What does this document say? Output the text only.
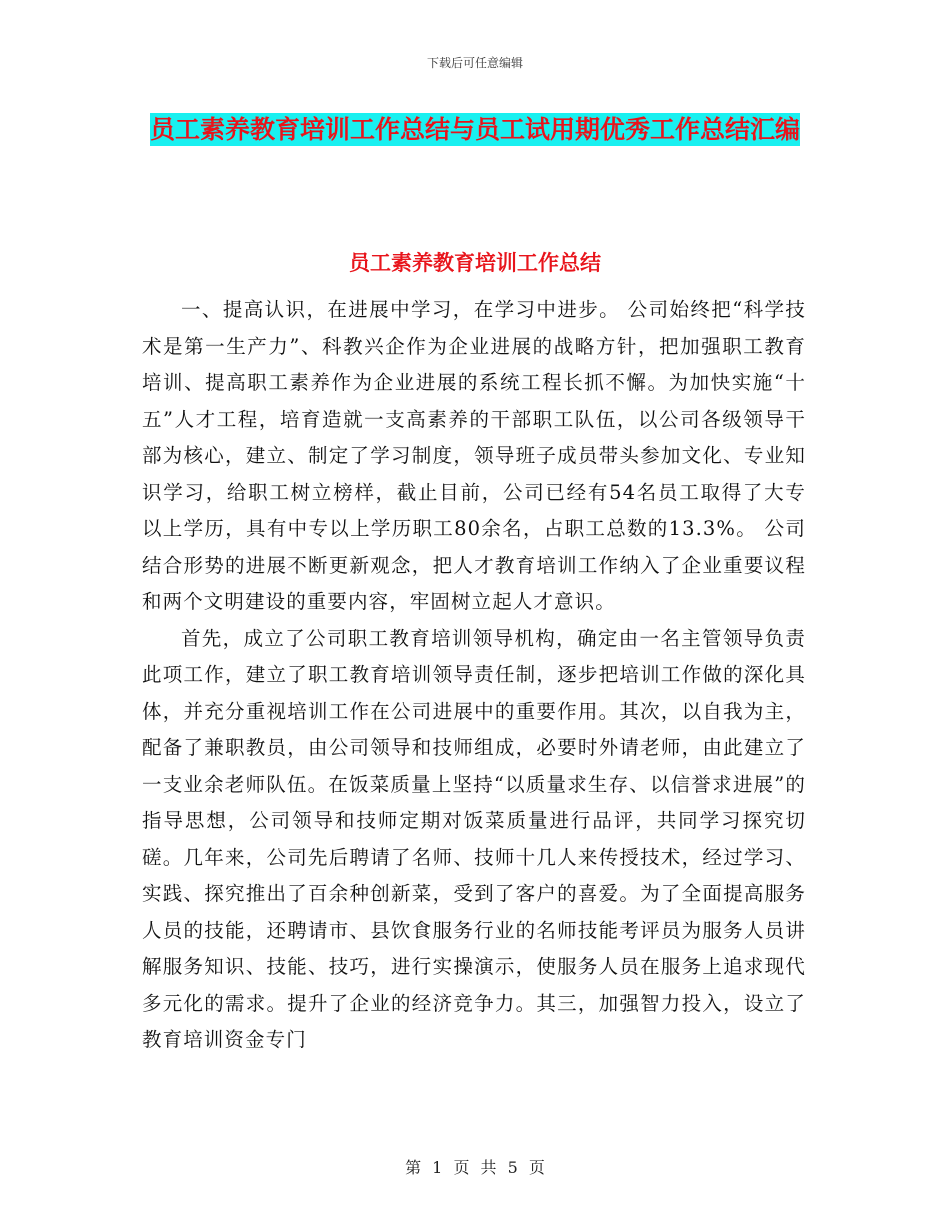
下载后可任意编辑
员工素养教育培训工作总结与员工试用期优秀工作总结汇编
员工素养教育培训工作总结

一、提高认识，在进展中学习，在学习中进步。 公司始终把“科学技术是第一生产力”、科教兴企作为企业进展的战略方针，把加强职工教育培训、提高职工素养作为企业进展的系统工程长抓不懈。为加快实施“十五”人才工程，培育造就一支高素养的干部职工队伍，以公司各级领导干部为核心，建立、制定了学习制度，领导班子成员带头参加文化、专业知识学习，给职工树立榜样，截止目前，公司已经有54名员工取得了大专以上学历，具有中专以上学历职工80余名，占职工总数的13.3%。 公司结合形势的进展不断更新观念，把人才教育培训工作纳入了企业重要议程和两个文明建设的重要内容，牢固树立起人才意识。

首先，成立了公司职工教育培训领导机构，确定由一名主管领导负责此项工作，建立了职工教育培训领导责任制，逐步把培训工作做的深化具体，并充分重视培训工作在公司进展中的重要作用。其次，以自我为主，配备了兼职教员，由公司领导和技师组成，必要时外请老师，由此建立了一支业余老师队伍。在饭菜质量上坚持“以质量求生存、以信誉求进展”的指导思想，公司领导和技师定期对饭菜质量进行品评，共同学习探究切磋。几年来，公司先后聘请了名师、技师十几人来传授技术，经过学习、实践、探究推出了百余种创新菜，受到了客户的喜爱。为了全面提高服务人员的技能，还聘请市、县饮食服务行业的名师技能考评员为服务人员讲解服务知识、技能、技巧，进行实操演示，使服务人员在服务上追求现代多元化的需求。提升了企业的经济竞争力。其三，加强智力投入，设立了教育培训资金专门

第 1 页 共 5 页
